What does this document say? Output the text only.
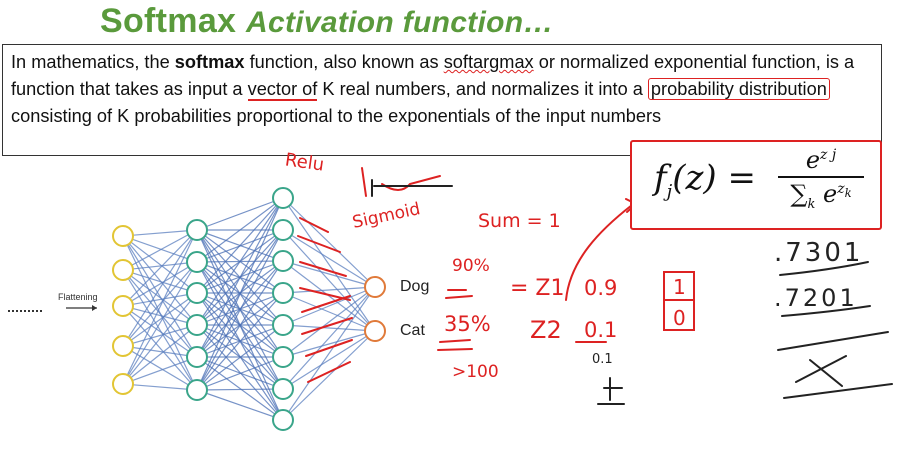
Softmax Activation function…

In mathematics, the softmax function, also known as softargmax or normalized exponential function, is a function that takes as input a vector of K real numbers, and normalizes it into a probability distribution consisting of K probabilities proportional to the exponentials of the input numbers

Flattening
Dog
Cat
$f_j(z)$ =	$e^{z j}$
$\sum_k$ $e^{z_k}$
Relu
Sigmoid	Sum = 1
90%
35%
>100
= Z1
Z2
0.9
0.1
0.1
1
0
.7301
.7201
